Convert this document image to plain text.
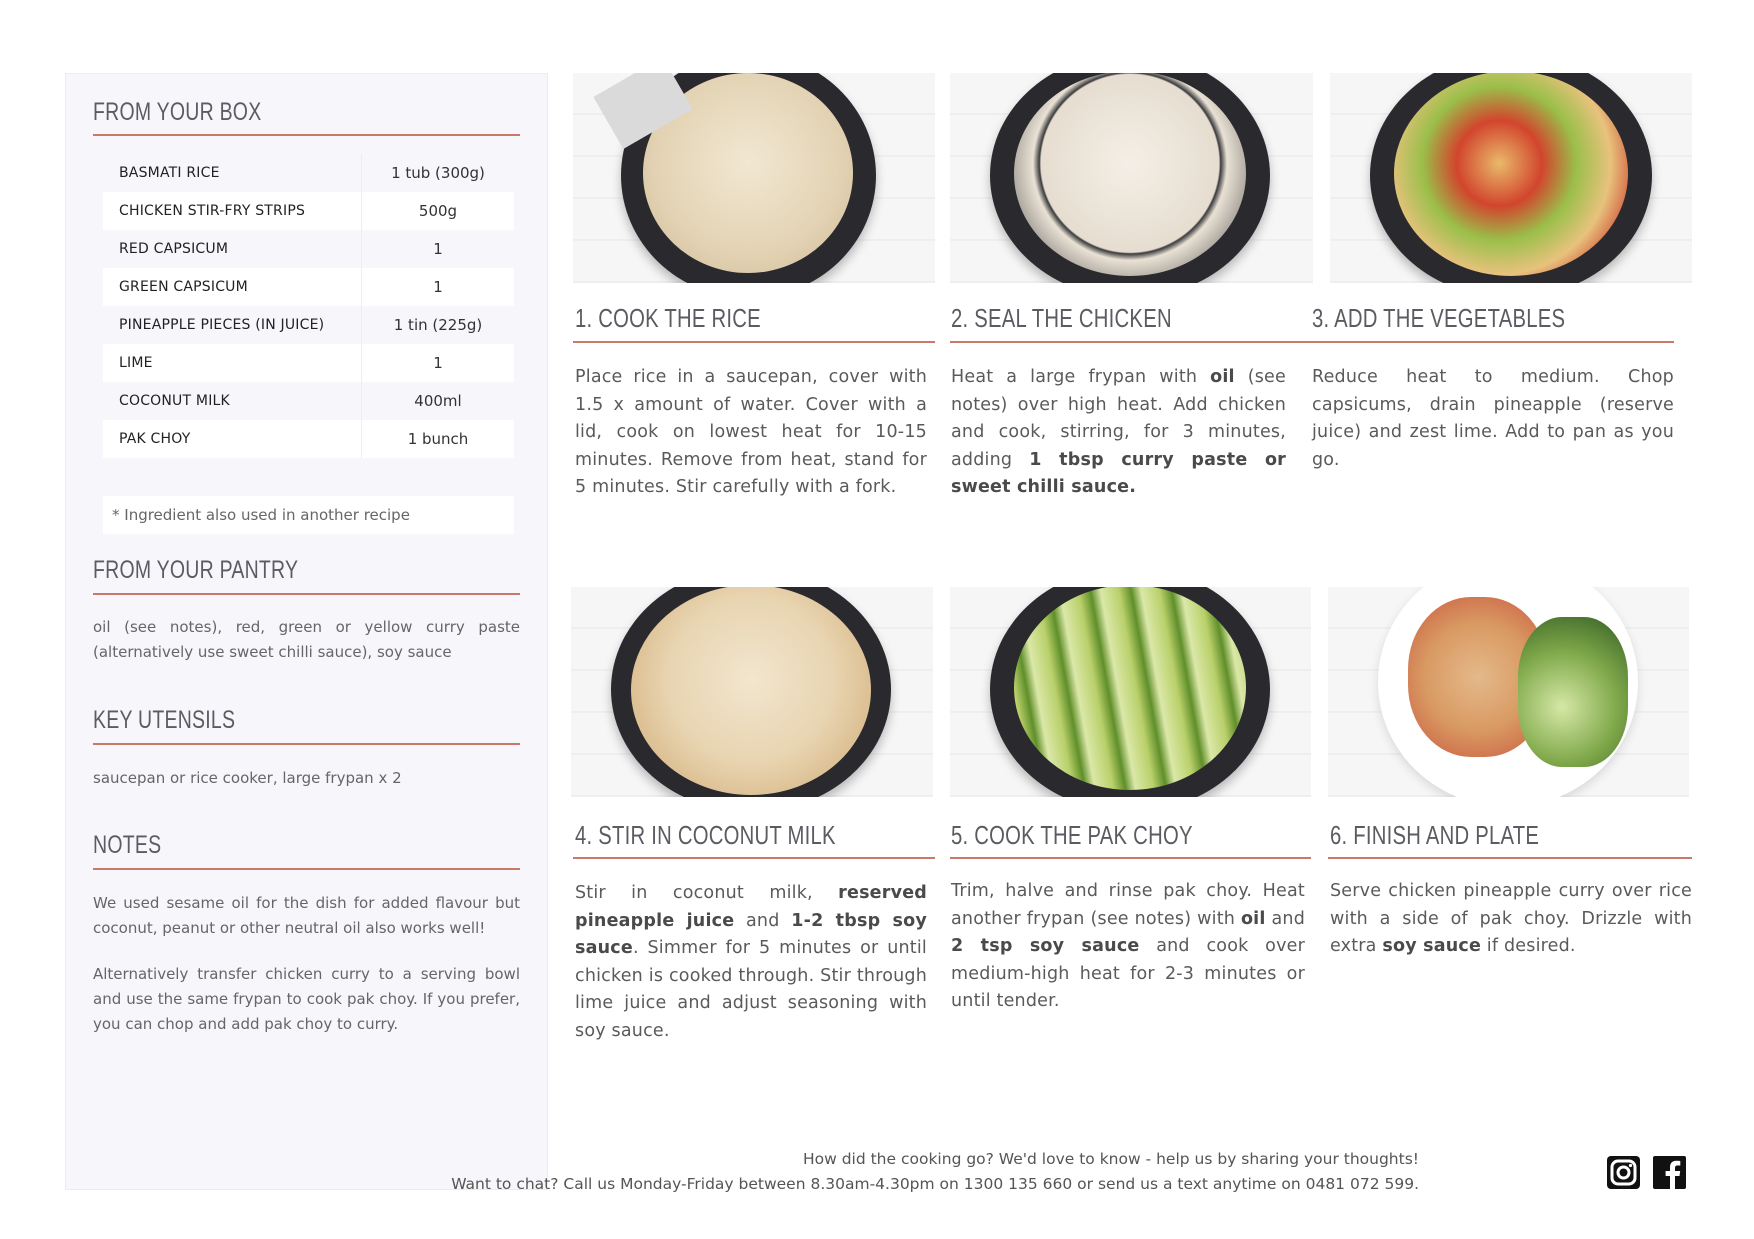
FROM YOUR BOX
BASMATI RICE	1 tub (300g)
CHICKEN STIR-FRY STRIPS	500g
RED CAPSICUM	1
GREEN CAPSICUM	1
PINEAPPLE PIECES (IN JUICE)	1 tin (225g)
LIME	1
COCONUT MILK	400ml
PAK CHOY	1 bunch
* Ingredient also used in another recipe
FROM YOUR PANTRY

oil (see notes), red, green or yellow curry paste (alternatively use sweet chilli sauce), soy sauce

KEY UTENSILS

saucepan or rice cooker, large frypan x 2

NOTES

We used sesame oil for the dish for added flavour but coconut, peanut or other neutral oil also works well!

Alternatively transfer chicken curry to a serving bowl and use the same frypan to cook pak choy. If you prefer, you can chop and add pak choy to curry.

1. COOK THE RICE

Place rice in a saucepan, cover with 1.5 x amount of water. Cover with a lid, cook on lowest heat for 10-15 minutes. Remove from heat, stand for 5 minutes. Stir carefully with a fork.

2. SEAL THE CHICKEN

Heat a large frypan with oil (see notes) over high heat. Add chicken and cook, stirring, for 3 minutes, adding 1 tbsp curry paste or sweet chilli sauce.

3. ADD THE VEGETABLES

Reduce heat to medium. Chop capsicums, drain pineapple (reserve juice) and zest lime. Add to pan as you go.

4. STIR IN COCONUT MILK

Stir in coconut milk, reserved pineapple juice and 1-2 tbsp soy sauce. Simmer for 5 minutes or until chicken is cooked through. Stir through lime juice and adjust seasoning with soy sauce.

5. COOK THE PAK CHOY

Trim, halve and rinse pak choy. Heat another frypan (see notes) with oil and 2 tsp soy sauce and cook over medium-high heat for 2-3 minutes or until tender.

6. FINISH AND PLATE

Serve chicken pineapple curry over rice with a side of pak choy. Drizzle with extra soy sauce if desired.

How did the cooking go? We'd love to know - help us by sharing your thoughts!

Want to chat? Call us Monday-Friday between 8.30am-4.30pm on 1300 135 660 or send us a text anytime on 0481 072 599.
